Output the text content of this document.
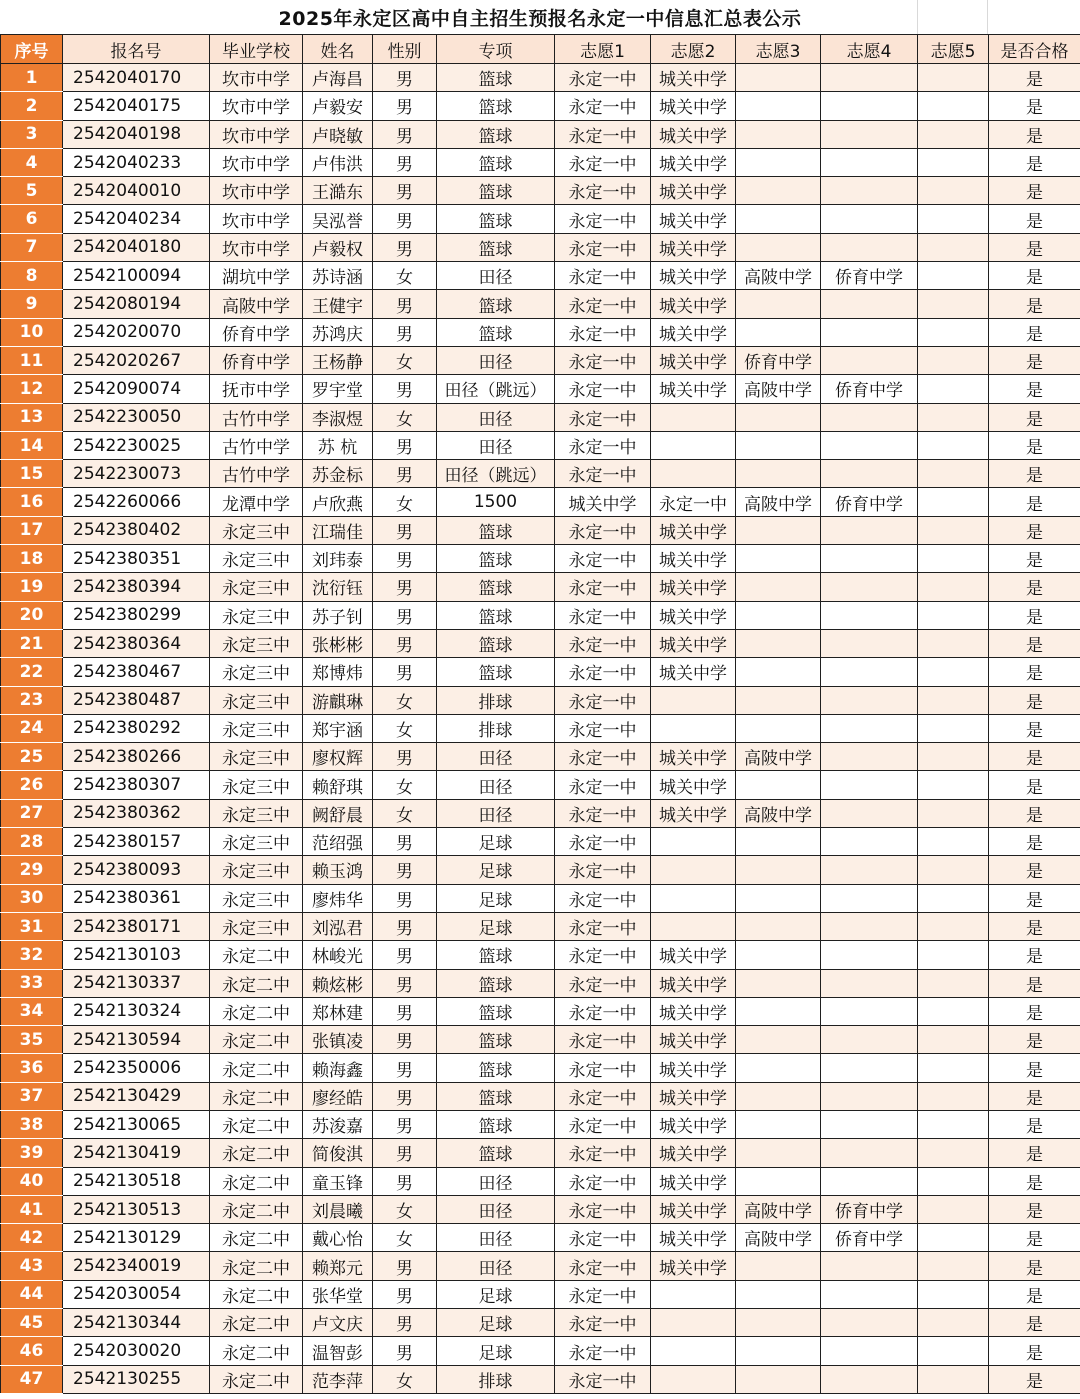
2025年永定区高中自主招生预报名永定一中信息汇总表公示
序号	报名号	毕业学校	姓名	性别	专项	志愿1	志愿2	志愿3	志愿4	志愿5	是否合格
1	2542040170	坎市中学	卢海昌	男	篮球	永定一中	城关中学				是
2	2542040175	坎市中学	卢毅安	男	篮球	永定一中	城关中学				是
3	2542040198	坎市中学	卢晓敏	男	篮球	永定一中	城关中学				是
4	2542040233	坎市中学	卢伟洪	男	篮球	永定一中	城关中学				是
5	2542040010	坎市中学	王澔东	男	篮球	永定一中	城关中学				是
6	2542040234	坎市中学	吴泓誉	男	篮球	永定一中	城关中学				是
7	2542040180	坎市中学	卢毅权	男	篮球	永定一中	城关中学				是
8	2542100094	湖坑中学	苏诗涵	女	田径	永定一中	城关中学	高陂中学	侨育中学		是
9	2542080194	高陂中学	王健宇	男	篮球	永定一中	城关中学				是
10	2542020070	侨育中学	苏鸿庆	男	篮球	永定一中	城关中学				是
11	2542020267	侨育中学	王杨静	女	田径	永定一中	城关中学	侨育中学			是
12	2542090074	抚市中学	罗宇堂	男	田径（跳远）	永定一中	城关中学	高陂中学	侨育中学		是
13	2542230050	古竹中学	李淑煜	女	田径	永定一中					是
14	2542230025	古竹中学	苏 杭	男	田径	永定一中					是
15	2542230073	古竹中学	苏金标	男	田径（跳远）	永定一中					是
16	2542260066	龙潭中学	卢欣燕	女	1500	城关中学	永定一中	高陂中学	侨育中学		是
17	2542380402	永定三中	江瑞佳	男	篮球	永定一中	城关中学				是
18	2542380351	永定三中	刘玮泰	男	篮球	永定一中	城关中学				是
19	2542380394	永定三中	沈衍钰	男	篮球	永定一中	城关中学				是
20	2542380299	永定三中	苏子钊	男	篮球	永定一中	城关中学				是
21	2542380364	永定三中	张彬彬	男	篮球	永定一中	城关中学				是
22	2542380467	永定三中	郑博炜	男	篮球	永定一中	城关中学				是
23	2542380487	永定三中	游麒琳	女	排球	永定一中					是
24	2542380292	永定三中	郑宇涵	女	排球	永定一中					是
25	2542380266	永定三中	廖权辉	男	田径	永定一中	城关中学	高陂中学			是
26	2542380307	永定三中	赖舒琪	女	田径	永定一中	城关中学				是
27	2542380362	永定三中	阙舒晨	女	田径	永定一中	城关中学	高陂中学			是
28	2542380157	永定三中	范绍强	男	足球	永定一中					是
29	2542380093	永定三中	赖玉鸿	男	足球	永定一中					是
30	2542380361	永定三中	廖炜华	男	足球	永定一中					是
31	2542380171	永定三中	刘泓君	男	足球	永定一中					是
32	2542130103	永定二中	林峻光	男	篮球	永定一中	城关中学				是
33	2542130337	永定二中	赖炫彬	男	篮球	永定一中	城关中学				是
34	2542130324	永定二中	郑林建	男	篮球	永定一中	城关中学				是
35	2542130594	永定二中	张镇凌	男	篮球	永定一中	城关中学				是
36	2542350006	永定二中	赖海鑫	男	篮球	永定一中	城关中学				是
37	2542130429	永定二中	廖经皓	男	篮球	永定一中	城关中学				是
38	2542130065	永定二中	苏浚嘉	男	篮球	永定一中	城关中学				是
39	2542130419	永定二中	简俊淇	男	篮球	永定一中	城关中学				是
40	2542130518	永定二中	童玉锋	男	田径	永定一中	城关中学				是
41	2542130513	永定二中	刘晨曦	女	田径	永定一中	城关中学	高陂中学	侨育中学		是
42	2542130129	永定二中	戴心怡	女	田径	永定一中	城关中学	高陂中学	侨育中学		是
43	2542340019	永定二中	赖郑元	男	田径	永定一中	城关中学				是
44	2542030054	永定二中	张华堂	男	足球	永定一中					是
45	2542130344	永定二中	卢文庆	男	足球	永定一中					是
46	2542030020	永定二中	温智彭	男	足球	永定一中					是
47	2542130255	永定二中	范李萍	女	排球	永定一中					是
